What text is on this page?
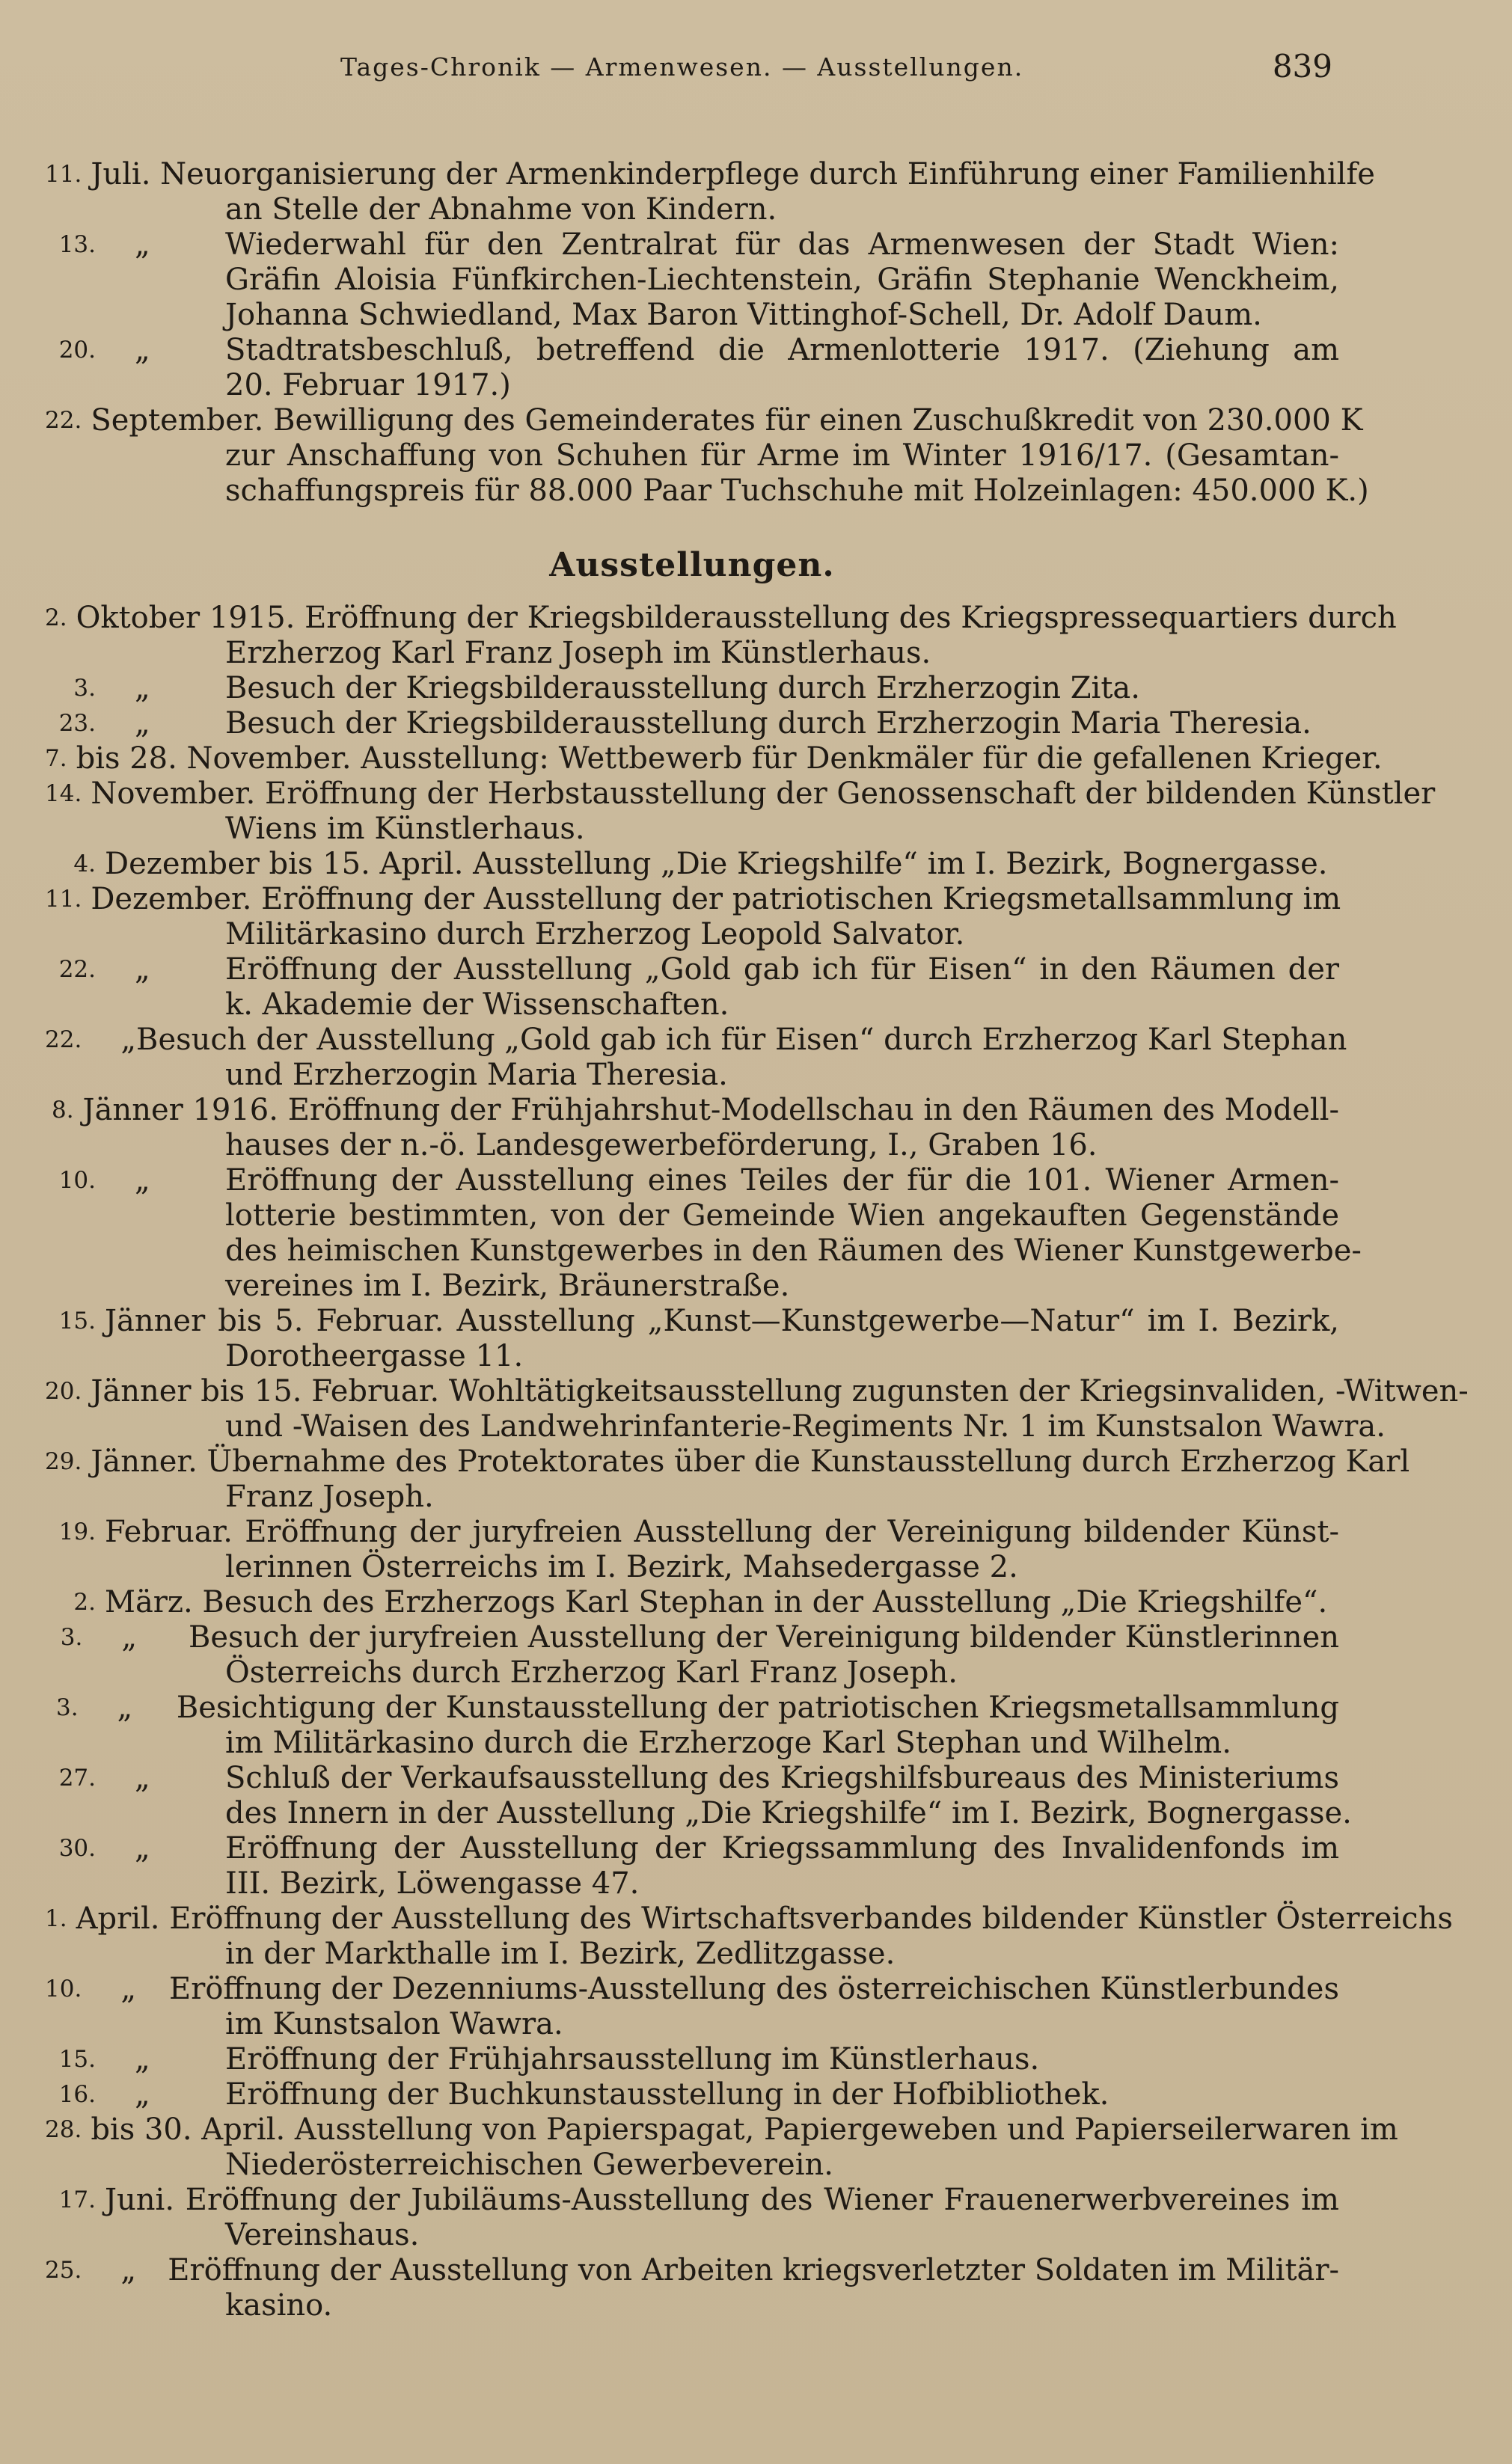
Tages-Chronik — Armenwesen. — Ausstellungen.	839
11. Juli. Neuorganisierung der Armenkinderpflege durch Einführung einer Familienhilfe
an Stelle der Abnahme von Kindern.
13.	„	Wiederwahl für den Zentralrat für das Armenwesen der Stadt Wien:
Gräfin Aloisia Fünfkirchen-Liechtenstein, Gräfin Stephanie Wenckheim,
Johanna Schwiedland, Max Baron Vittinghof-Schell, Dr. Adolf Daum.
20.	„	Stadtratsbeschluß, betreffend die Armenlotterie 1917. (Ziehung am
20. Februar 1917.)
22. September. Bewilligung des Gemeinderates für einen Zuschußkredit von 230.000 K
zur Anschaffung von Schuhen für Arme im Winter 1916/17. (Gesamtan-
schaffungspreis für 88.000 Paar Tuchschuhe mit Holzeinlagen: 450.000 K.)
Ausstellungen.
2. Oktober 1915. Eröffnung der Kriegsbilderausstellung des Kriegspressequartiers durch
Erzherzog Karl Franz Joseph im Künstlerhaus.
3.	„	Besuch der Kriegsbilderausstellung durch Erzherzogin Zita.
23.	„	Besuch der Kriegsbilderausstellung durch Erzherzogin Maria Theresia.
7. bis 28. November. Ausstellung: Wettbewerb für Denkmäler für die gefallenen Krieger.
14. November. Eröffnung der Herbstausstellung der Genossenschaft der bildenden Künstler
Wiens im Künstlerhaus.
4. Dezember bis 15. April. Ausstellung „Die Kriegshilfe“ im I. Bezirk, Bognergasse.
11. Dezember. Eröffnung der Ausstellung der patriotischen Kriegsmetallsammlung im
Militärkasino durch Erzherzog Leopold Salvator.
22.	„	Eröffnung der Ausstellung „Gold gab ich für Eisen“ in den Räumen der
k. Akademie der Wissenschaften.
22.	„ Besuch der Ausstellung „Gold gab ich für Eisen“ durch Erzherzog Karl Stephan
und Erzherzogin Maria Theresia.
8. Jänner 1916. Eröffnung der Frühjahrshut-Modellschau in den Räumen des Modell-
hauses der n.-ö. Landesgewerbeförderung, I., Graben 16.
10.	„	Eröffnung der Ausstellung eines Teiles der für die 101. Wiener Armen-
lotterie bestimmten, von der Gemeinde Wien angekauften Gegenstände
des heimischen Kunstgewerbes in den Räumen des Wiener Kunstgewerbe-
vereines im I. Bezirk, Bräunerstraße.
15. Jänner bis 5. Februar. Ausstellung „Kunst—Kunstgewerbe—Natur“ im I. Bezirk,
Dorotheergasse 11.
20. Jänner bis 15. Februar. Wohltätigkeitsausstellung zugunsten der Kriegsinvaliden, -Witwen-
und -Waisen des Landwehrinfanterie-Regiments Nr. 1 im Kunstsalon Wawra.
29. Jänner. Übernahme des Protektorates über die Kunstausstellung durch Erzherzog Karl
Franz Joseph.
19. Februar. Eröffnung der juryfreien Ausstellung der Vereinigung bildender Künst-
lerinnen Österreichs im I. Bezirk, Mahsedergasse 2.
2. März. Besuch des Erzherzogs Karl Stephan in der Ausstellung „Die Kriegshilfe“.
3.	„	Besuch der juryfreien Ausstellung der Vereinigung bildender Künstlerinnen
Österreichs durch Erzherzog Karl Franz Joseph.
3.	„	Besichtigung der Kunstausstellung der patriotischen Kriegsmetallsammlung
im Militärkasino durch die Erzherzoge Karl Stephan und Wilhelm.
27.	„	Schluß der Verkaufsausstellung des Kriegshilfsbureaus des Ministeriums
des Innern in der Ausstellung „Die Kriegshilfe“ im I. Bezirk, Bognergasse.
30.	„	Eröffnung der Ausstellung der Kriegssammlung des Invalidenfonds im
III. Bezirk, Löwengasse 47.
1. April. Eröffnung der Ausstellung des Wirtschaftsverbandes bildender Künstler Österreichs
in der Markthalle im I. Bezirk, Zedlitzgasse.
10.	„	Eröffnung der Dezenniums-Ausstellung des österreichischen Künstlerbundes
im Kunstsalon Wawra.
15.	„	Eröffnung der Frühjahrsausstellung im Künstlerhaus.
16.	„	Eröffnung der Buchkunstausstellung in der Hofbibliothek.
28. bis 30. April. Ausstellung von Papierspagat, Papiergeweben und Papierseilerwaren im
Niederösterreichischen Gewerbeverein.
17. Juni. Eröffnung der Jubiläums-Ausstellung des Wiener Frauenerwerbvereines im
Vereinshaus.
25.	„	Eröffnung der Ausstellung von Arbeiten kriegsverletzter Soldaten im Militär-
kasino.
